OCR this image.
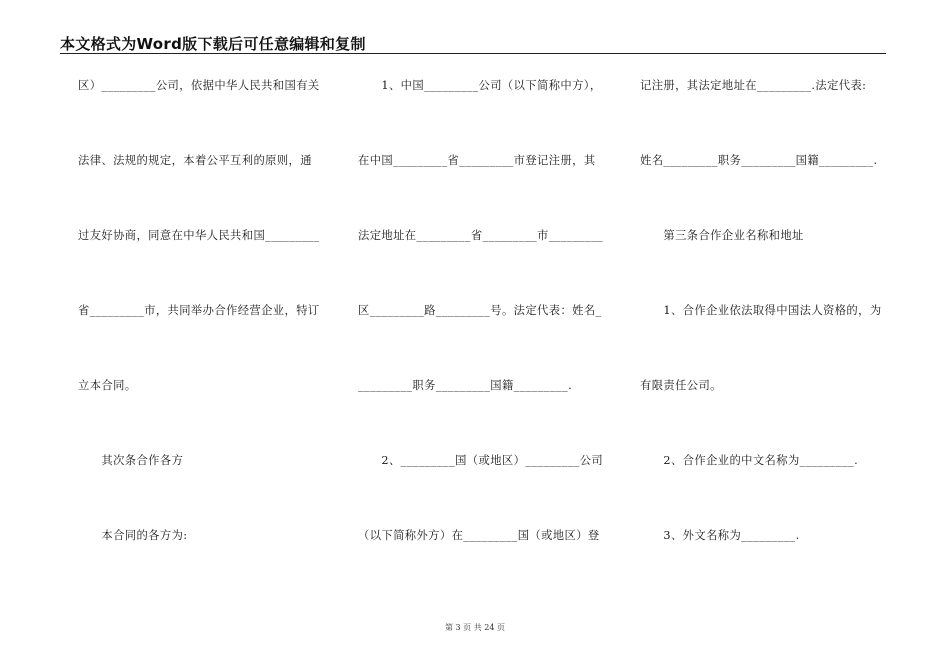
本文格式为Word版下载后可任意编辑和复制
区）_________公司，依据中华人民共和国有关
法律、法规的规定，本着公平互利的原则，通
过友好协商，同意在中华人民共和国_________
省_________市，共同举办合作经营企业，特订
立本合同。
　　其次条合作各方
　　本合同的各方为:
　　1、中国_________公司（以下简称中方），
在中国_________省_________市登记注册，其
法定地址在_________省_________市_________
区_________路_________号。法定代表：姓名_
_________职务_________国籍_________.
　　2、_________国（或地区）_________公司
（以下简称外方）在_________国（或地区）登
记注册，其法定地址在_________.法定代表:
姓名_________职务_________国籍_________.
　　第三条合作企业名称和地址
　　1、合作企业依法取得中国法人资格的，为
有限责任公司。
　　2、合作企业的中文名称为_________.
　　3、外文名称为_________.
第 3 页 共 24 页
